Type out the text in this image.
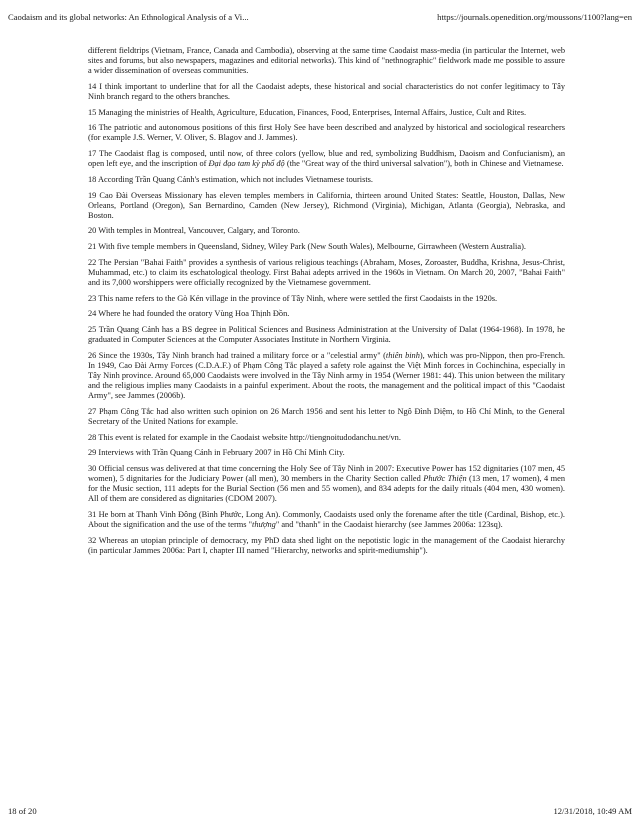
Caodaism and its global networks: An Ethnological Analysis of a Vi...	https://journals.openedition.org/moussons/1100?lang=en

different fieldtrips (Vietnam, France, Canada and Cambodia), observing at the same time Caodaist mass-media (in particular the Internet, web sites and forums, but also newspapers, magazines and editorial networks). This kind of "nethnographic" fieldwork made me possible to assure a wider dissemination of overseas communities.

14 I think important to underline that for all the Caodaist adepts, these historical and social characteristics do not confer legitimacy to Tây Ninh branch regard to the others branches.

15 Managing the ministries of Health, Agriculture, Education, Finances, Food, Enterprises, Internal Affairs, Justice, Cult and Rites.

16 The patriotic and autonomous positions of this first Holy See have been described and analyzed by historical and sociological researchers (for example J.S. Werner, V. Oliver, S. Blagov and J. Jammes).

17 The Caodaist flag is composed, until now, of three colors (yellow, blue and red, symbolizing Buddhism, Daoism and Confucianism), an open left eye, and the inscription of Đại đạo tam kỳ phổ độ (the "Great way of the third universal salvation"), both in Chinese and Vietnamese.

18 According Trần Quang Cảnh's estimation, which not includes Vietnamese tourists.

19 Cao Đài Overseas Missionary has eleven temples members in California, thirteen around United States: Seattle, Houston, Dallas, New Orleans, Portland (Oregon), San Bernardino, Camden (New Jersey), Richmond (Virginia), Michigan, Atlanta (Georgia), Nebraska, and Boston.

20 With temples in Montreal, Vancouver, Calgary, and Toronto.

21 With five temple members in Queensland, Sidney, Wiley Park (New South Wales), Melbourne, Girrawheen (Western Australia).

22 The Persian "Bahai Faith" provides a synthesis of various religious teachings (Abraham, Moses, Zoroaster, Buddha, Krishna, Jesus-Christ, Muhammad, etc.) to claim its eschatological theology. First Bahai adepts arrived in the 1960s in Vietnam. On March 20, 2007, "Bahai Faith" and its 7,000 worshippers were officially recognized by the Vietnamese government.

23 This name refers to the Gò Kén village in the province of Tây Ninh, where were settled the first Caodaists in the 1920s.

24 Where he had founded the oratory Vùng Hoa Thịnh Đồn.

25 Trần Quang Cảnh has a BS degree in Political Sciences and Business Administration at the University of Dalat (1964-1968). In 1978, he graduated in Computer Sciences at the Computer Associates Institute in Northern Virginia.

26 Since the 1930s, Tây Ninh branch had trained a military force or a "celestial army" (thiên binh), which was pro-Nippon, then pro-French. In 1949, Cao Đài Army Forces (C.D.A.F.) of Phạm Công Tắc played a safety role against the Việt Minh forces in Cochinchina, especially in Tây Ninh province. Around 65,000 Caodaists were involved in the Tây Ninh army in 1954 (Werner 1981: 44). This union between the military and the religious implies many Caodaists in a painful experiment. About the roots, the management and the political impact of this "Caodaist Army", see Jammes (2006b).

27 Phạm Công Tắc had also written such opinion on 26 March 1956 and sent his letter to Ngô Đình Diệm, to Hồ Chí Minh, to the General Secretary of the United Nations for example.

28 This event is related for example in the Caodaist website http://tiengnoitudodanchu.net/vn.

29 Interviews with Trần Quang Cảnh in February 2007 in Hồ Chí Minh City.

30 Official census was delivered at that time concerning the Holy See of Tây Ninh in 2007: Executive Power has 152 dignitaries (107 men, 45 women), 5 dignitaries for the Judiciary Power (all men), 30 members in the Charity Section called Phước Thiện (13 men, 17 women), 4 men for the Music section, 111 adepts for the Burial Section (56 men and 55 women), and 834 adepts for the daily rituals (404 men, 430 women). All of them are considered as dignitaries (CDOM 2007).

31 He born at Thanh Vinh Đông (Bình Phước, Long An). Commonly, Caodaists used only the forename after the title (Cardinal, Bishop, etc.). About the signification and the use of the terms "thượng" and "thanh" in the Caodaist hierarchy (see Jammes 2006a: 123sq).

32 Whereas an utopian principle of democracy, my PhD data shed light on the nepotistic logic in the management of the Caodaist hierarchy (in particular Jammes 2006a: Part I, chapter III named "Hierarchy, networks and spirit-mediumship").

18 of 20	12/31/2018, 10:49 AM
